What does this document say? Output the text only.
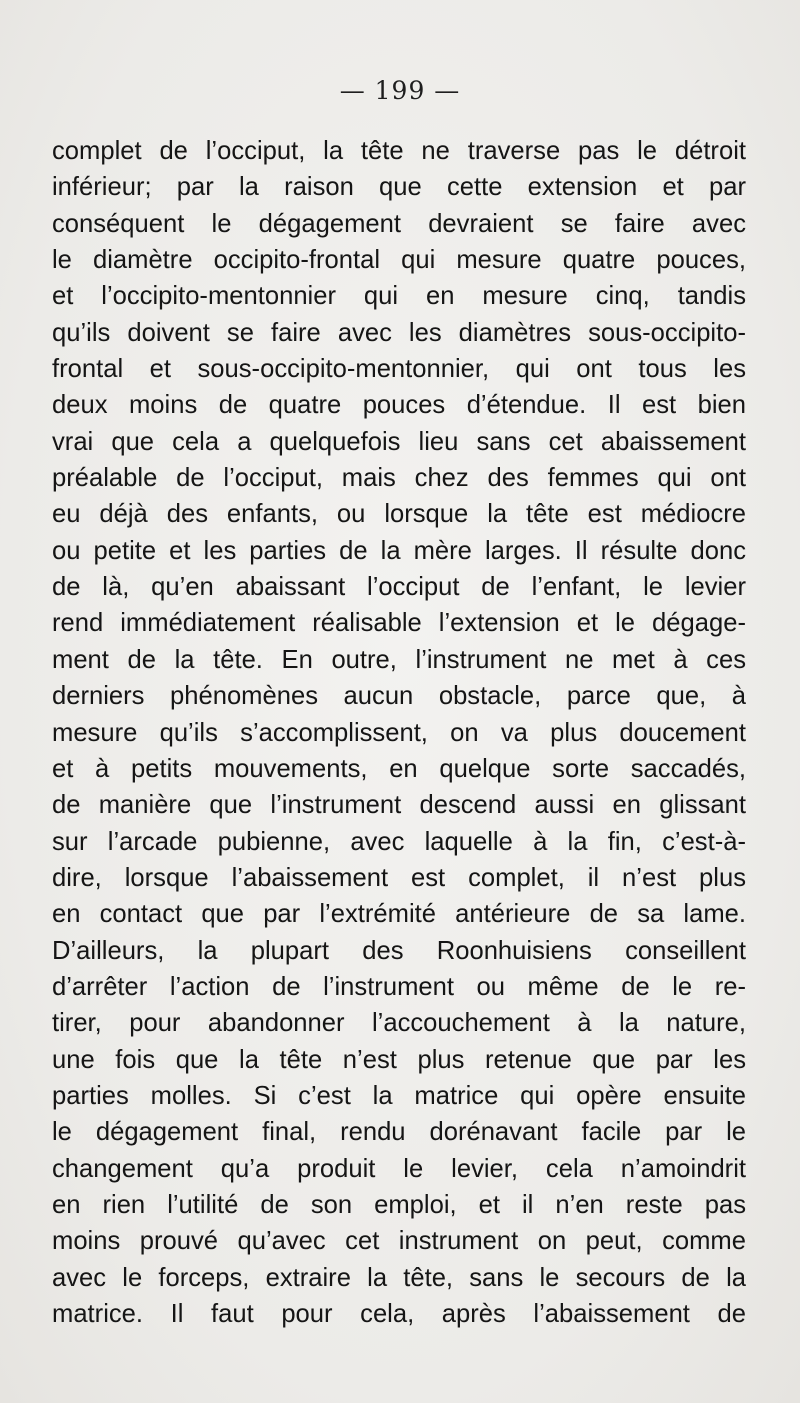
— 199 —
complet de l’occiput, la tête ne traverse pas le détroit
inférieur; par la raison que cette extension et par
conséquent le dégagement devraient se faire avec
le diamètre occipito-frontal qui mesure quatre pouces,
et l’occipito-mentonnier qui en mesure cinq, tandis
qu’ils doivent se faire avec les diamètres sous-occipito-
frontal et sous-occipito-mentonnier, qui ont tous les
deux moins de quatre pouces d’étendue. Il est bien
vrai que cela a quelquefois lieu sans cet abaissement
préalable de l’occiput, mais chez des femmes qui ont
eu déjà des enfants, ou lorsque la tête est médiocre
ou petite et les parties de la mère larges. Il résulte donc
de là, qu’en abaissant l’occiput de l’enfant, le levier
rend immédiatement réalisable l’extension et le dégage-
ment de la tête. En outre, l’instrument ne met à ces
derniers phénomènes aucun obstacle, parce que, à
mesure qu’ils s’accomplissent, on va plus doucement
et à petits mouvements, en quelque sorte saccadés,
de manière que l’instrument descend aussi en glissant
sur l’arcade pubienne, avec laquelle à la fin, c’est-à-
dire, lorsque l’abaissement est complet, il n’est plus
en contact que par l’extrémité antérieure de sa lame.
D’ailleurs, la plupart des Roonhuisiens conseillent
d’arrêter l’action de l’instrument ou même de le re-
tirer, pour abandonner l’accouchement à la nature,
une fois que la tête n’est plus retenue que par les
parties molles. Si c’est la matrice qui opère ensuite
le dégagement final, rendu dorénavant facile par le
changement qu’a produit le levier, cela n’amoindrit
en rien l’utilité de son emploi, et il n’en reste pas
moins prouvé qu’avec cet instrument on peut, comme
avec le forceps, extraire la tête, sans le secours de la
matrice. Il faut pour cela, après l’abaissement de
